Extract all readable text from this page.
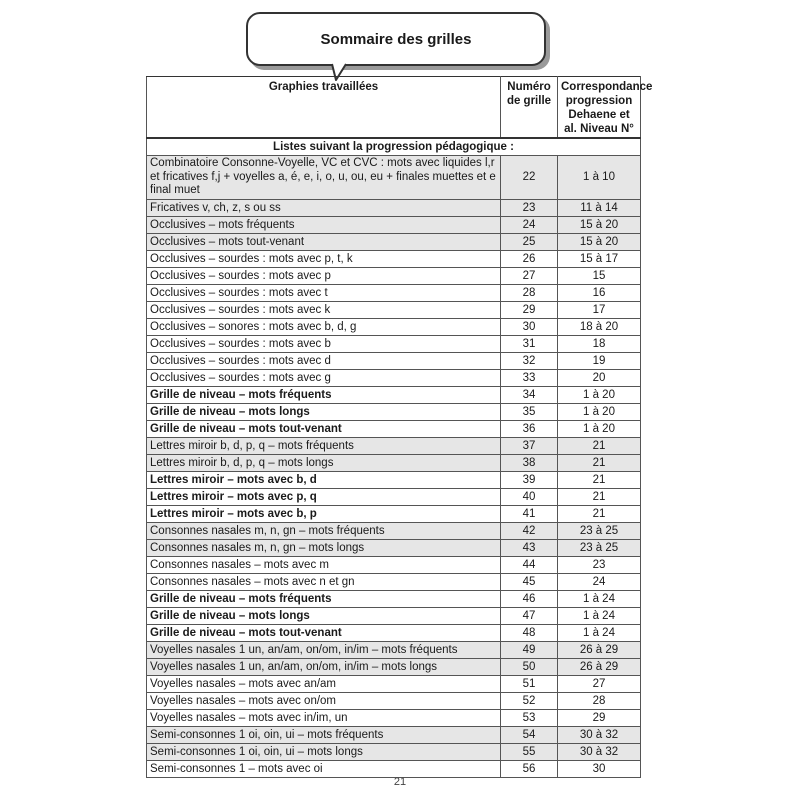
Sommaire des grilles
Graphies travaillées	Numéro de grille	Correspondance progression Dehaene et al. Niveau N°
Listes suivant la progression pédagogique :		
Combinatoire Consonne-Voyelle, VC et CVC : mots avec liquides l,r et fricatives f,j + voyelles a, é, e, i, o, u, ou, eu + finales muettes et e final muet	22	1 à 10
Fricatives v, ch, z, s ou ss	23	11 à 14
Occlusives – mots fréquents	24	15 à 20
Occlusives – mots tout-venant	25	15 à 20
Occlusives – sourdes : mots avec p, t, k	26	15 à 17
Occlusives – sourdes : mots avec p	27	15
Occlusives – sourdes : mots avec t	28	16
Occlusives – sourdes : mots avec k	29	17
Occlusives – sonores : mots avec b, d, g	30	18 à 20
Occlusives – sourdes : mots avec b	31	18
Occlusives – sourdes : mots avec d	32	19
Occlusives – sourdes : mots avec g	33	20
Grille de niveau – mots fréquents	34	1 à 20
Grille de niveau – mots longs	35	1 à 20
Grille de niveau – mots tout-venant	36	1 à 20
Lettres miroir b, d, p, q – mots fréquents	37	21
Lettres miroir b, d, p, q – mots longs	38	21
Lettres miroir – mots avec b, d	39	21
Lettres miroir – mots avec p, q	40	21
Lettres miroir – mots avec b, p	41	21
Consonnes nasales m, n, gn – mots fréquents	42	23 à 25
Consonnes nasales m, n, gn – mots longs	43	23 à 25
Consonnes nasales – mots avec m	44	23
Consonnes nasales – mots avec n et gn	45	24
Grille de niveau – mots fréquents	46	1 à 24
Grille de niveau – mots longs	47	1 à 24
Grille de niveau – mots tout-venant	48	1 à 24
Voyelles nasales 1 un, an/am, on/om, in/im – mots fréquents	49	26 à 29
Voyelles nasales 1 un, an/am, on/om, in/im – mots longs	50	26 à 29
Voyelles nasales – mots avec an/am	51	27
Voyelles nasales – mots avec on/om	52	28
Voyelles nasales – mots avec in/im, un	53	29
Semi-consonnes 1 oi, oin, ui – mots fréquents	54	30 à 32
Semi-consonnes 1 oi, oin, ui – mots longs	55	30 à 32
Semi-consonnes 1 – mots avec oi	56	30
21
